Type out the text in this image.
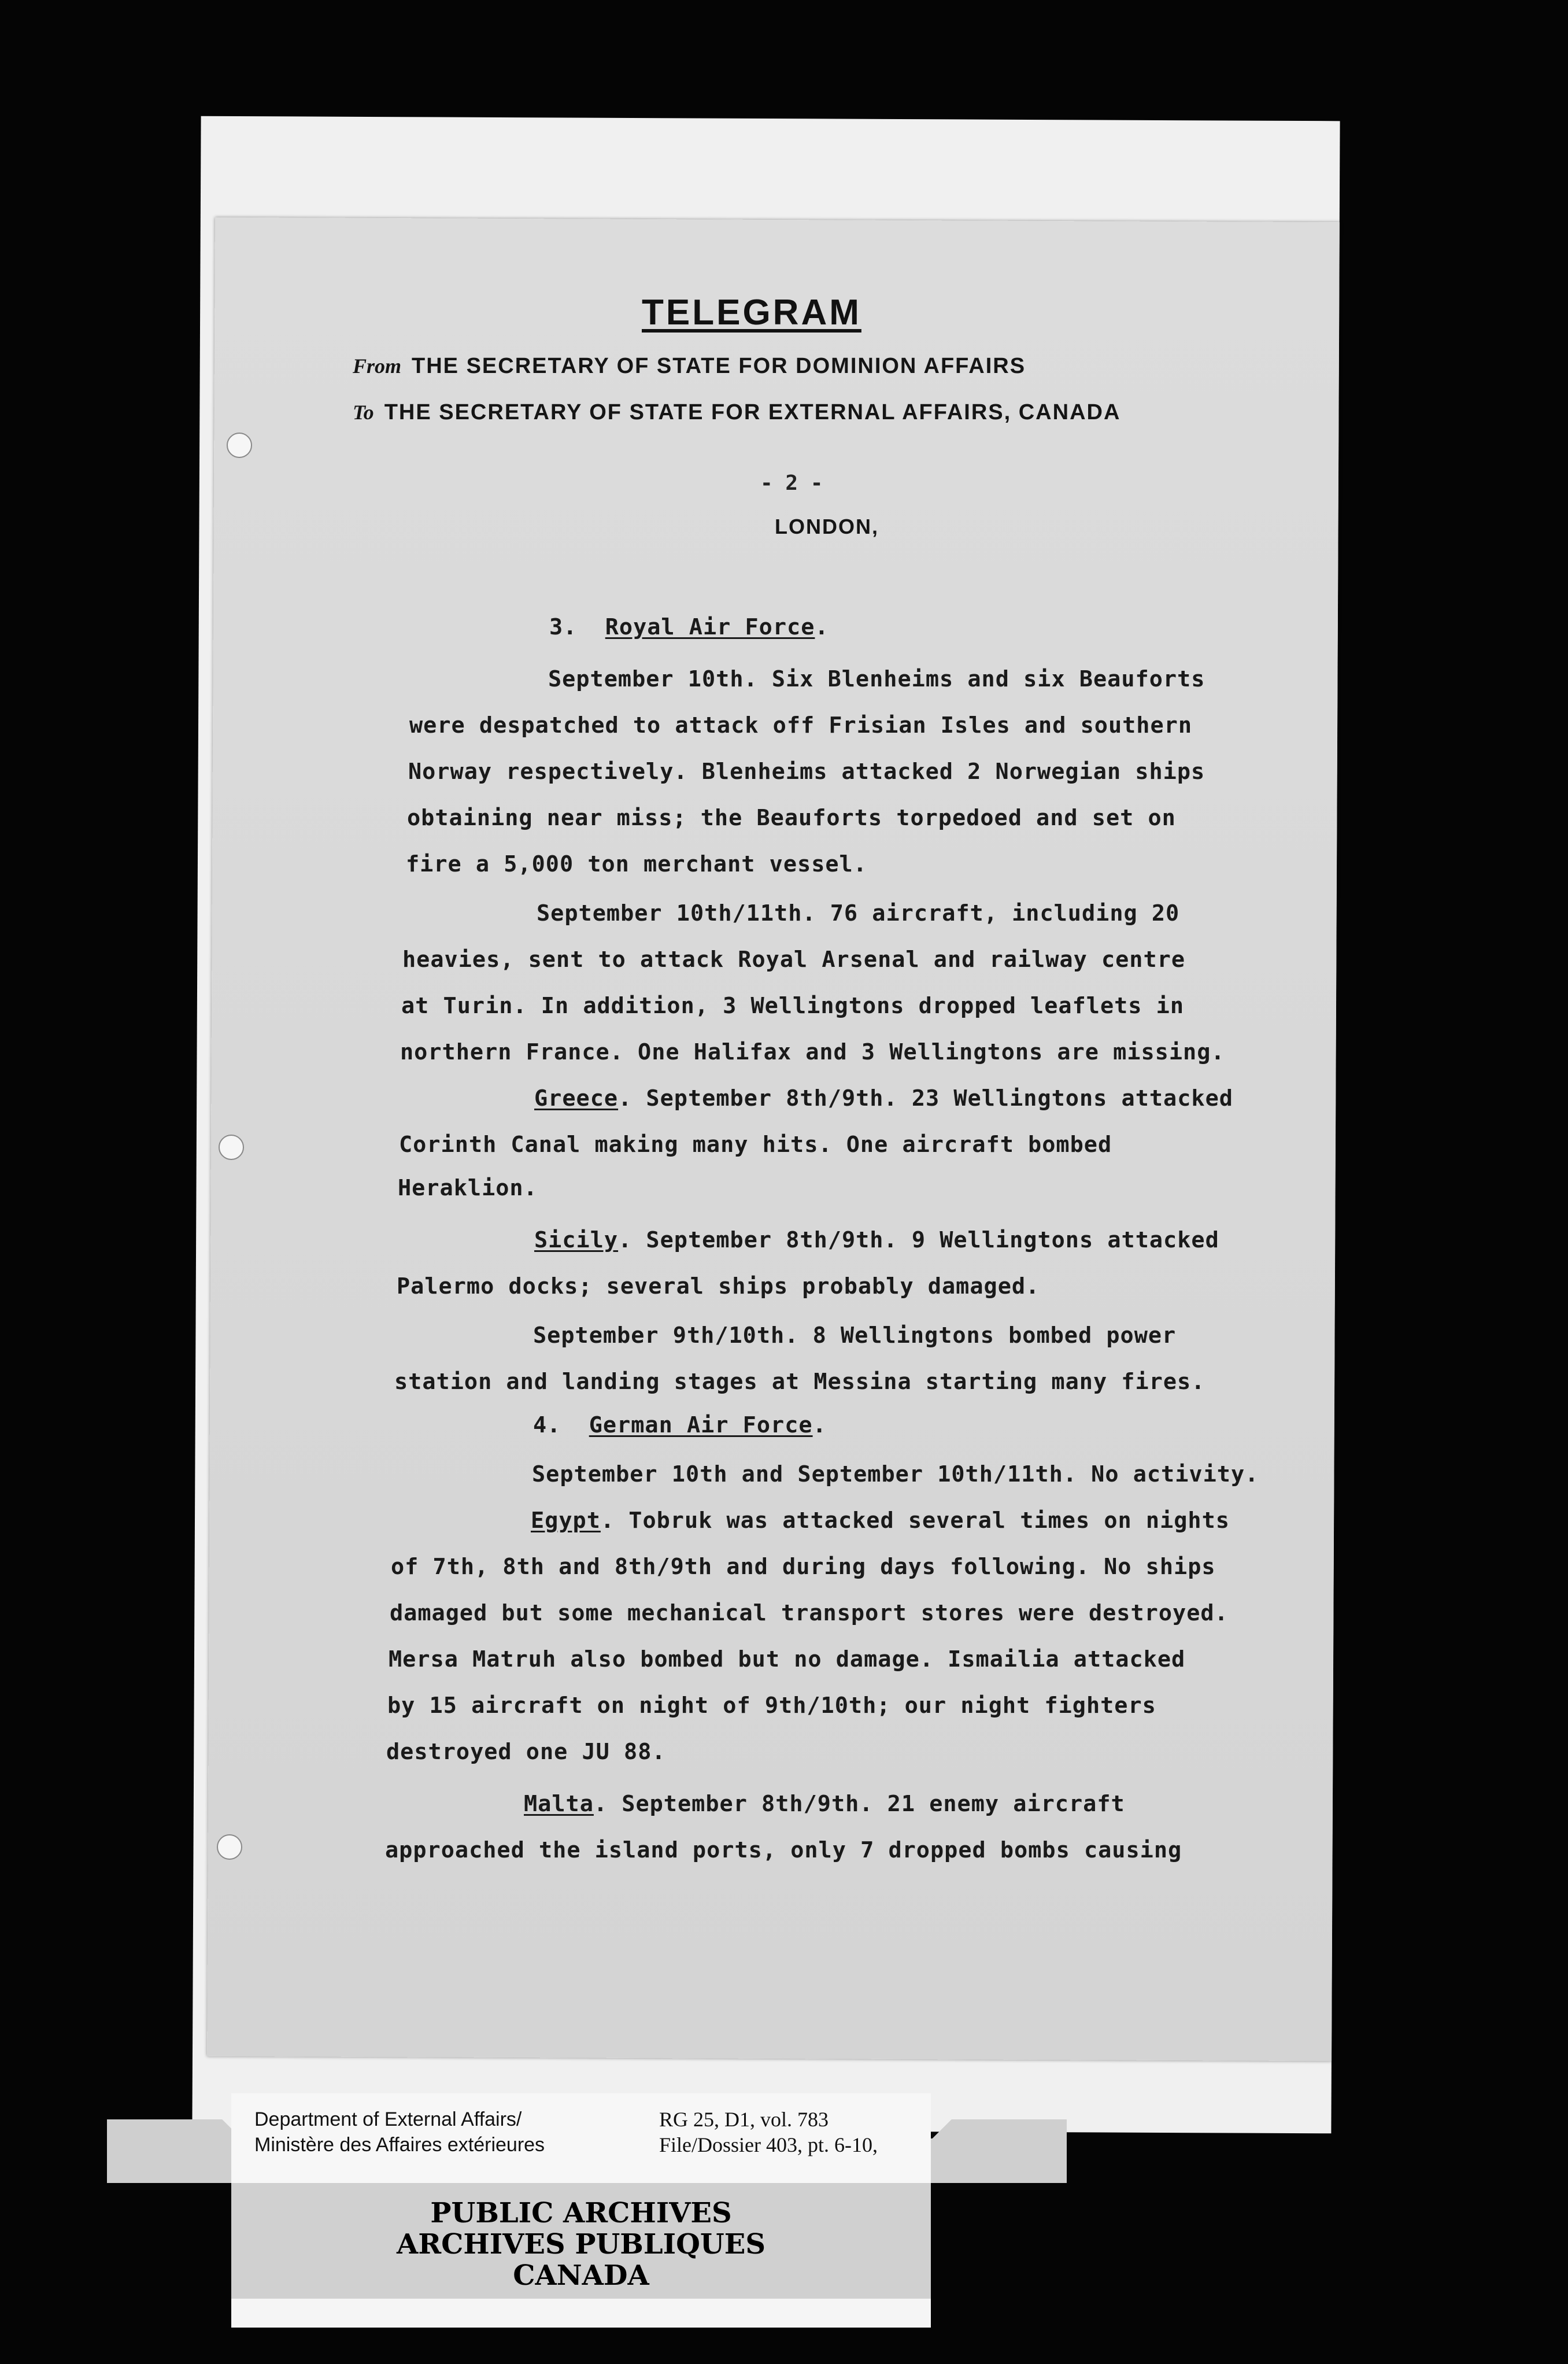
TELEGRAM
From THE SECRETARY OF STATE FOR DOMINION AFFAIRS
To THE SECRETARY OF STATE FOR EXTERNAL AFFAIRS, CANADA
- 2 -
LONDON,
3. Royal Air Force.
September 10th. Six Blenheims and six Beauforts
were despatched to attack off Frisian Isles and southern
Norway respectively. Blenheims attacked 2 Norwegian ships
obtaining near miss; the Beauforts torpedoed and set on
fire a 5,000 ton merchant vessel.
September 10th/11th. 76 aircraft, including 20
heavies, sent to attack Royal Arsenal and railway centre
at Turin. In addition, 3 Wellingtons dropped leaflets in
northern France. One Halifax and 3 Wellingtons are missing.
Greece. September 8th/9th. 23 Wellingtons attacked
Corinth Canal making many hits. One aircraft bombed
Heraklion.
Sicily. September 8th/9th. 9 Wellingtons attacked
Palermo docks; several ships probably damaged.
September 9th/10th. 8 Wellingtons bombed power
station and landing stages at Messina starting many fires.
4. German Air Force.
September 10th and September 10th/11th. No activity.
Egypt. Tobruk was attacked several times on nights
of 7th, 8th and 8th/9th and during days following. No ships
damaged but some mechanical transport stores were destroyed.
Mersa Matruh also bombed but no damage. Ismailia attacked
by 15 aircraft on night of 9th/10th; our night fighters
destroyed one JU 88.
Malta. September 8th/9th. 21 enemy aircraft
approached the island ports, only 7 dropped bombs causing
Department of External Affairs/
Ministère des Affaires extérieures
RG 25, D1, vol. 783
File/Dossier 403, pt. 6-10,
PUBLIC ARCHIVES
ARCHIVES PUBLIQUES
CANADA
